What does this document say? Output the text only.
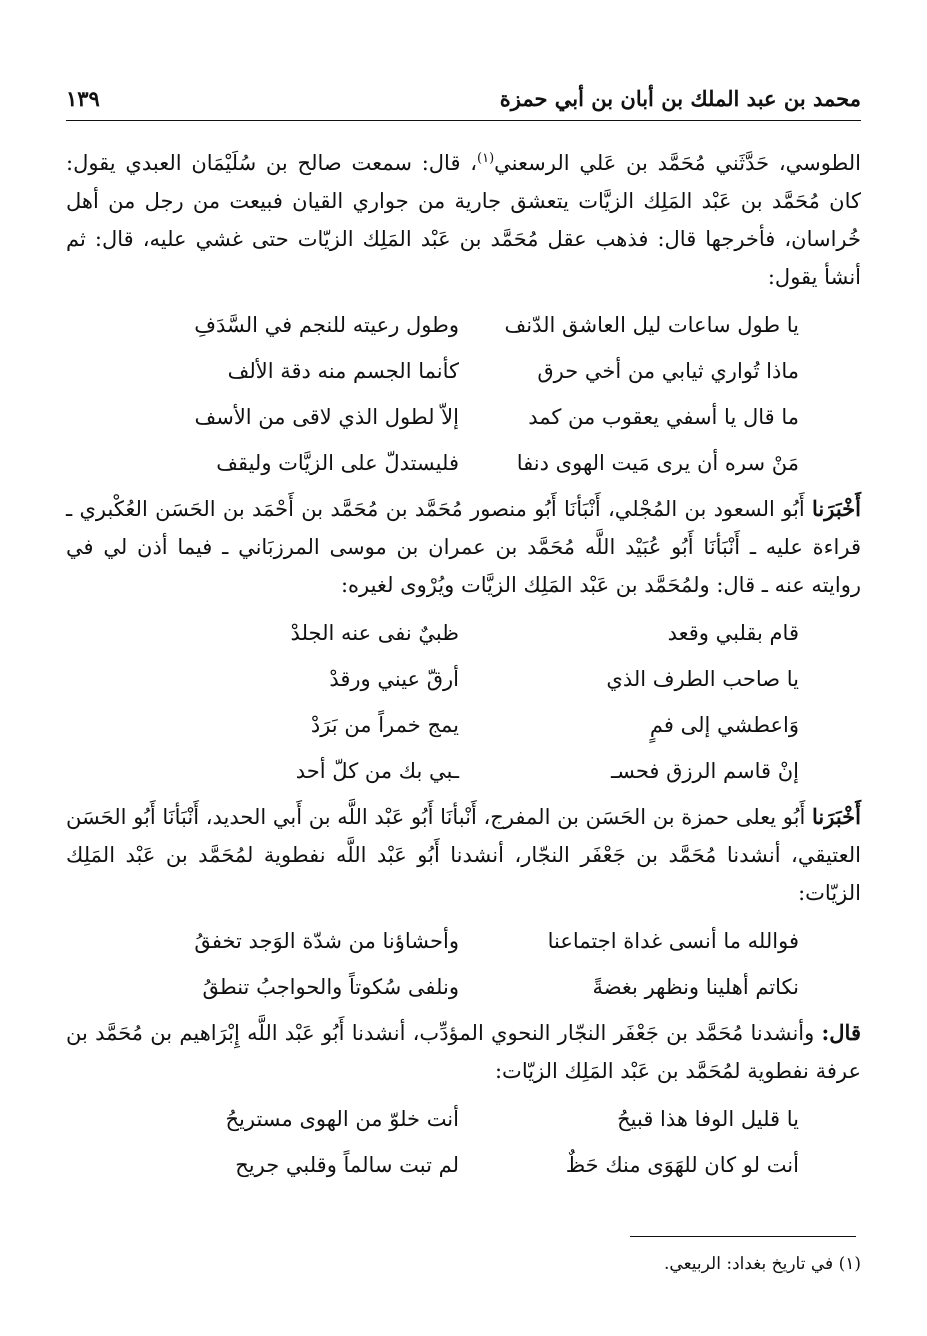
محمد بن عبد الملك بن أبان بن أبي حمزة
١٣٩

الطوسي، حَدَّثَني مُحَمَّد بن عَلي الرسعني$^{(١)}$، قال: سمعت صالح بن سُلَيْمَان العبدي يقول: كان مُحَمَّد بن عَبْد المَلِك الزيَّات يتعشق جارية من جواري القيان فبيعت من رجل من أهل خُراسان، فأخرجها قال: فذهب عقل مُحَمَّد بن عَبْد المَلِك الزيّات حتى غشي عليه، قال: ثم أنشأ يقول:

يا طول ساعات ليل العاشق الدّنف
وطول رعيته للنجم في السَّدَفِ
ماذا تُواري ثيابي من أخي حرق
كأنما الجسم منه دقة الألف
ما قال يا أسفي يعقوب من كمد
إلاّ لطول الذي لاقى من الأسف
مَنْ سره أن يرى مَيت الهوى دنفا
فليستدلّ على الزيَّات وليقف

أَخْبَرَنا أَبُو السعود بن المُجْلي، أَنْبَأنَا أَبُو منصور مُحَمَّد بن مُحَمَّد بن أَحْمَد بن الحَسَن العُكْبري ـ قراءة عليه ـ أَنْبَأنَا أَبُو عُبَيْد اللَّه مُحَمَّد بن عمران بن موسى المرزبَاني ـ فيما أذن لي في روايته عنه ـ قال: ولمُحَمَّد بن عَبْد المَلِك الزيَّات ويُرْوى لغيره:

قام بقلبي وقعد
ظبيٌ نفى عنه الجلدْ
يا صاحب الطرف الذي
أرقّ عيني ورقدْ
وَاعطشي إلى فمٍ
يمج خمراً من بَرَدْ
إنْ قاسم الرزق فحسـ
ـبي بك من كلّ أحد

أَخْبَرَنا أَبُو يعلى حمزة بن الحَسَن بن المفرج، أَنْبأنَا أَبُو عَبْد اللَّه بن أَبي الحديد، أَنْبَأنَا أَبُو الحَسَن العتيقي، أنشدنا مُحَمَّد بن جَعْفَر النجّار، أنشدنا أَبُو عَبْد اللَّه نفطوية لمُحَمَّد بن عَبْد المَلِك الزيّات:

فوالله ما أنسى غداة اجتماعنا
وأحشاؤنا من شدّة الوَجد تخفقُ
نكاتم أهلينا ونظهر بغضةً
ونلفى سُكوتاً والحواجبُ تنطقُ

قال: وأنشدنا مُحَمَّد بن جَعْفَر النجّار النحوي المؤدِّب، أنشدنا أَبُو عَبْد اللَّه إِبْرَاهيم بن مُحَمَّد بن عرفة نفطوية لمُحَمَّد بن عَبْد المَلِك الزيّات:

يا قليل الوفا هذا قبيحُ
أنت خلوّ من الهوى مستريحُ
أنت لو كان للهَوَى منك حَظٌ
لم تبت سالماً وقلبي جريح
(١) في تاريخ بغداد: الربيعي.
